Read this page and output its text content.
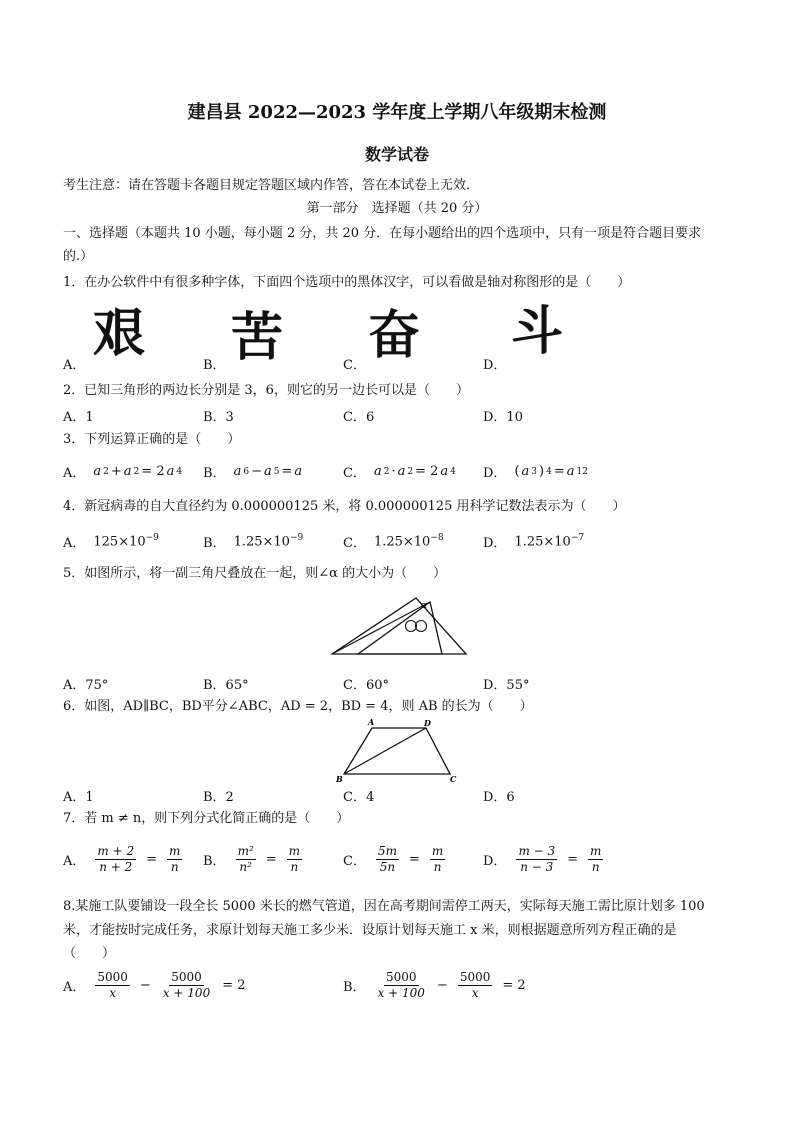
建昌县 2022—2023 学年度上学期八年级期末检测
数学试卷
考生注意：请在答题卡各题目规定答题区域内作答，答在本试卷上无效．
第一部分　选择题（共 20 分）
一、选择题（本题共 10 小题，每小题 2 分，共 20 分．在每小题给出的四个选项中，只有一项是符合题目要求
的.）
1．在办公软件中有很多种字体，下面四个选项中的黑体汉字，可以看做是轴对称图形的是（　　）
A．
艰
B． 苦	C． 奋	D．
斗
2．已知三角形的两边长分别是 3，6，则它的另一边长可以是（　　）
A．1	B．3	C．6	D．10
3．下列运算正确的是（　　）
A． a 2 + a 2 = 2 a 4 B． a 6 − a 5 = a	C． a 2 · a 2 = 2 a 4 D． ( a 3 ) 4 = a 12
4．新冠病毒的自大直径约为 0.000000125 米，将 0.000000125 用科学记数法表示为（　　）
A． $125\times 10^{-9}$	B． $1.25\times 10^{-9}$	C． $1.25\times 10^{-8}$	D． $1.25\times 10^{-7}$
5．如图所示，将一副三角尺叠放在一起，则∠α 的大小为（　　）
α
A．75°	B．65°	C．60°	D．55°
6．如图，AD∥BC，BD平分∠ABC，AD = 2，BD = 4，则 AB 的长为（　　）
A	D
B	C
A．1	B．2	C．4	D．6
7．若 m ≠ n，则下列分式化简正确的是（　　）
A． $\frac{m + 2}{n + 2} = \frac{m}{n}$ B． $\frac{\text{m²}}{\text{n²}} = \frac{m}{n}$	C． $\frac{5m}{5n} = \frac{m}{n}$	D． $\frac{m - 3}{n - 3} = \frac{m}{n}$
8.某施工队要铺设一段全长 5000 米长的燃气管道，因在高考期间需停工两天，实际每天施工需比原计划多 100
米，才能按时完成任务，求原计划每天施工多少米．设原计划每天施工 x 米，则根据题意所列方程正确的是
（　　）
A． $\frac{5000}{x} - \frac{5000}{x + 100} = 2$	B． $\frac{5000}{x + 100} - \frac{5000}{x} = 2$
